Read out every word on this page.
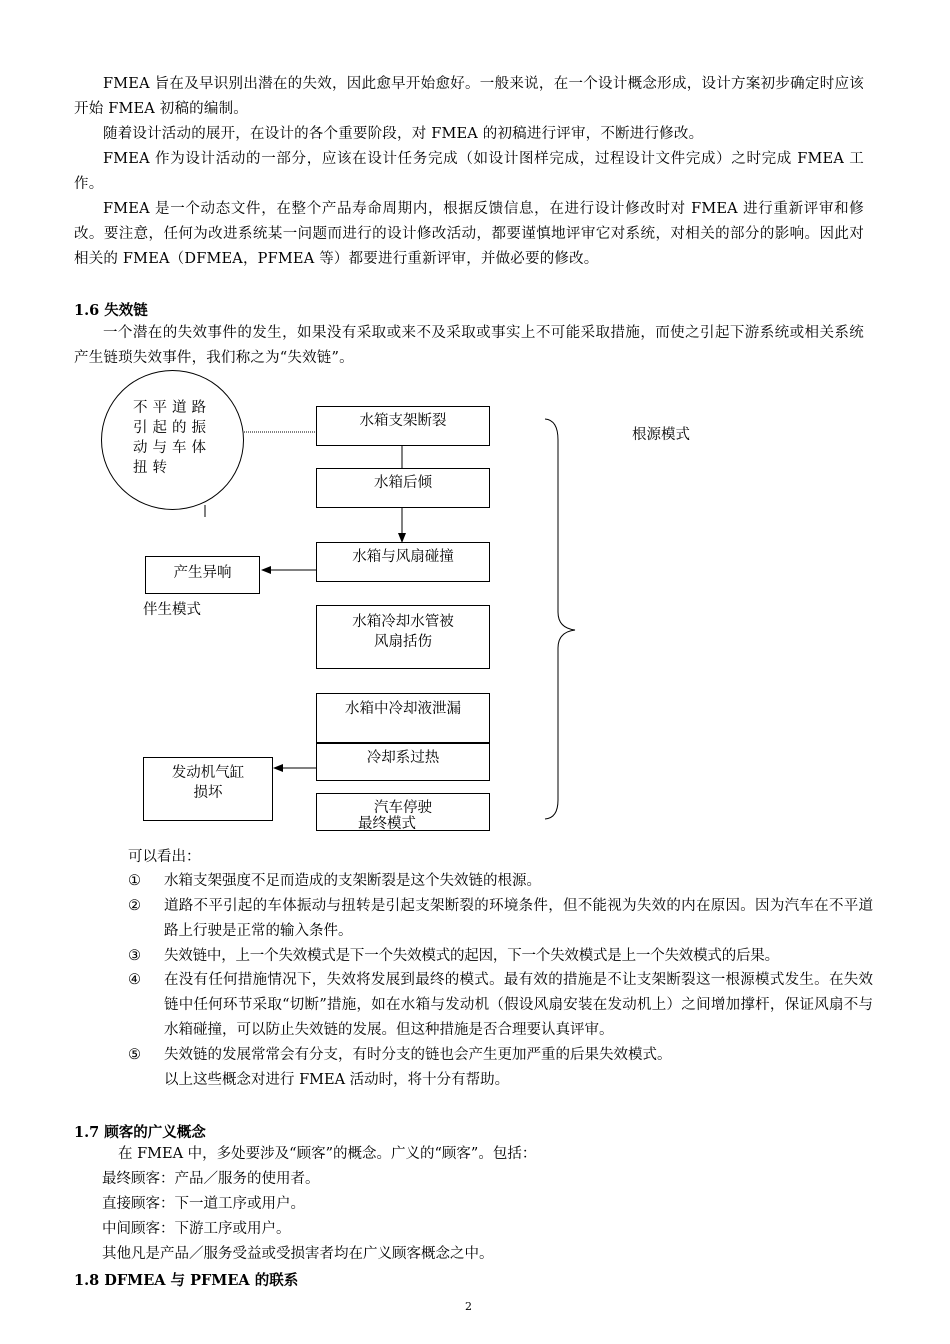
FMEA 旨在及早识别出潜在的失效，因此愈早开始愈好。一般来说，在一个设计概念形成，设计方案初步确定时应该开始 FMEA 初稿的编制。

随着设计活动的展开，在设计的各个重要阶段，对 FMEA 的初稿进行评审，不断进行修改。

FMEA 作为设计活动的一部分，应该在设计任务完成（如设计图样完成，过程设计文件完成）之时完成 FMEA 工作。

FMEA 是一个动态文件，在整个产品寿命周期内，根据反馈信息，在进行设计修改时对 FMEA 进行重新评审和修改。要注意，任何为改进系统某一问题而进行的设计修改活动，都要谨慎地评审它对系统，对相关的部分的影响。因此对相关的 FMEA（DFMEA，PFMEA 等）都要进行重新评审，并做必要的修改。

1.6 失效链

一个潜在的失效事件的发生，如果没有采取或来不及采取或事实上不可能采取措施，而使之引起下游系统或相关系统产生链琐失效事件，我们称之为“失效链”。

不平道路引起的振动与车体扭转
水箱支架断裂
水箱后倾
水箱与风扇碰撞
水箱冷却水管被风扇括伤
水箱中冷却液泄漏
冷却系过热
汽车停驶
产生异响
发动机气缸损坏
根源模式
伴生模式
最终模式

可以看出：

①	水箱支架强度不足而造成的支架断裂是这个失效链的根源。
②	道路不平引起的车体振动与扭转是引起支架断裂的环境条件，但不能视为失效的内在原因。因为汽车在不平道路上行驶是正常的输入条件。
③	失效链中，上一个失效模式是下一个失效模式的起因，下一个失效模式是上一个失效模式的后果。
④	在没有任何措施情况下，失效将发展到最终的模式。最有效的措施是不让支架断裂这一根源模式发生。在失效链中任何环节采取“切断”措施，如在水箱与发动机（假设风扇安装在发动机上）之间增加撑杆，保证风扇不与水箱碰撞，可以防止失效链的发展。但这种措施是否合理要认真评审。
⑤	失效链的发展常常会有分支，有时分支的链也会产生更加严重的后果失效模式。

以上这些概念对进行 FMEA 活动时，将十分有帮助。

1.7 顾客的广义概念

在 FMEA 中，多处要涉及“顾客”的概念。广义的“顾客”。包括：

最终顾客：产品／服务的使用者。

直接顾客：下一道工序或用户。

中间顾客：下游工序或用户。

其他凡是产品／服务受益或受损害者均在广义顾客概念之中。

1.8 DFMEA 与 PFMEA 的联系

2
